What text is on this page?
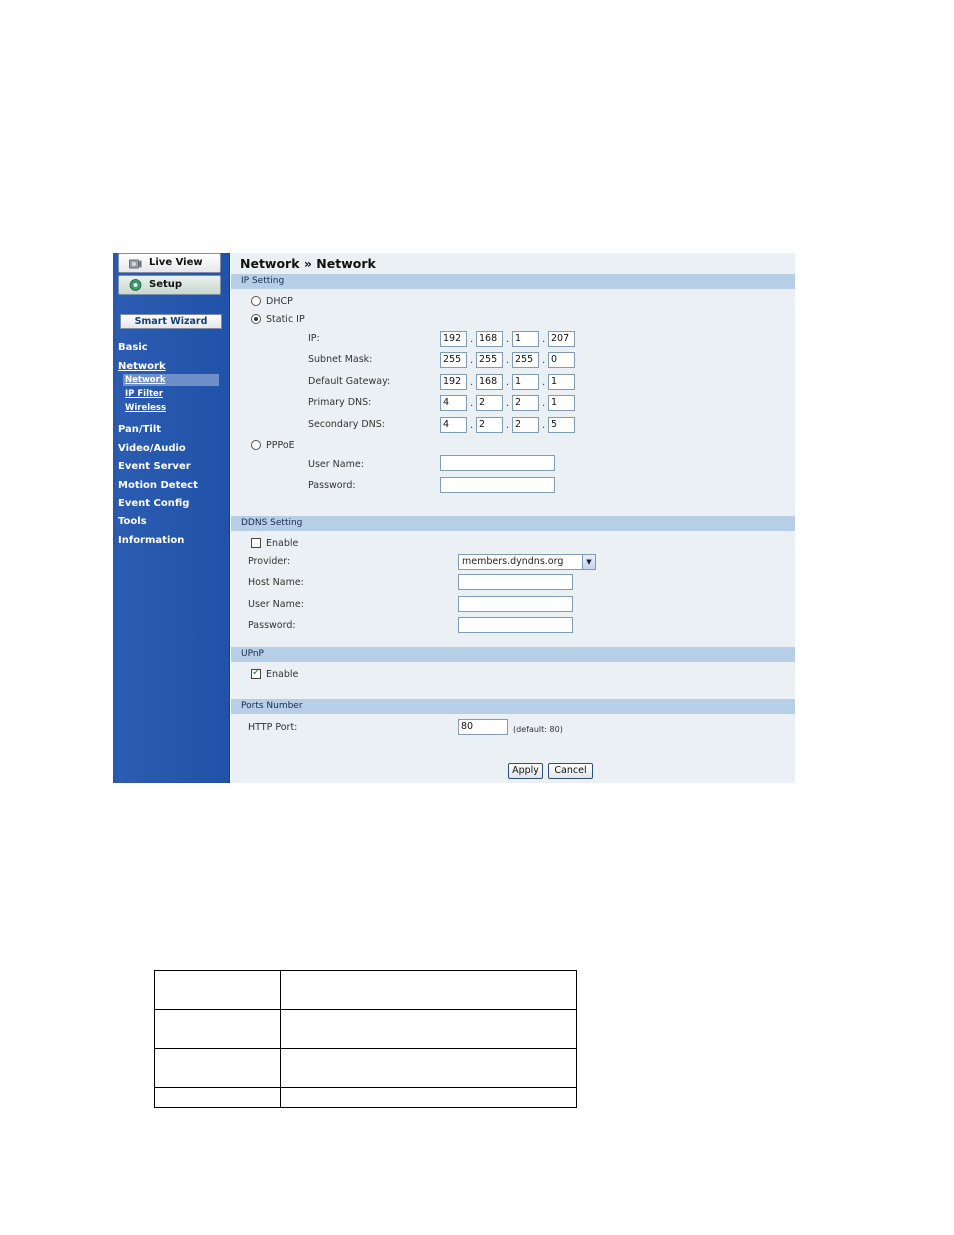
Live View
Setup
Smart Wizard
Basic
Network
Network
IP Filter
Wireless
Pan/Tilt
Video/Audio
Event Server
Motion Detect
Event Config
Tools
Information
Network » Network
IP Setting
DHCP
Static IP
IP:	192 . 168 . 1	. 207
Subnet Mask:	255 . 255 . 255 . 0
Default Gateway:	192 . 168 . 1	. 1
Primary DNS:	4	. 2	. 2	. 1
Secondary DNS:	4	. 2	. 2	. 5
PPPoE
User Name:
Password:
DDNS Setting
Enable
Provider:	members.dyndns.org	▼
Host Name:
User Name:
Password:
UPnP
✓ Enable
Ports Number
HTTP Port:	80	(default: 80)
Apply	Cancel
